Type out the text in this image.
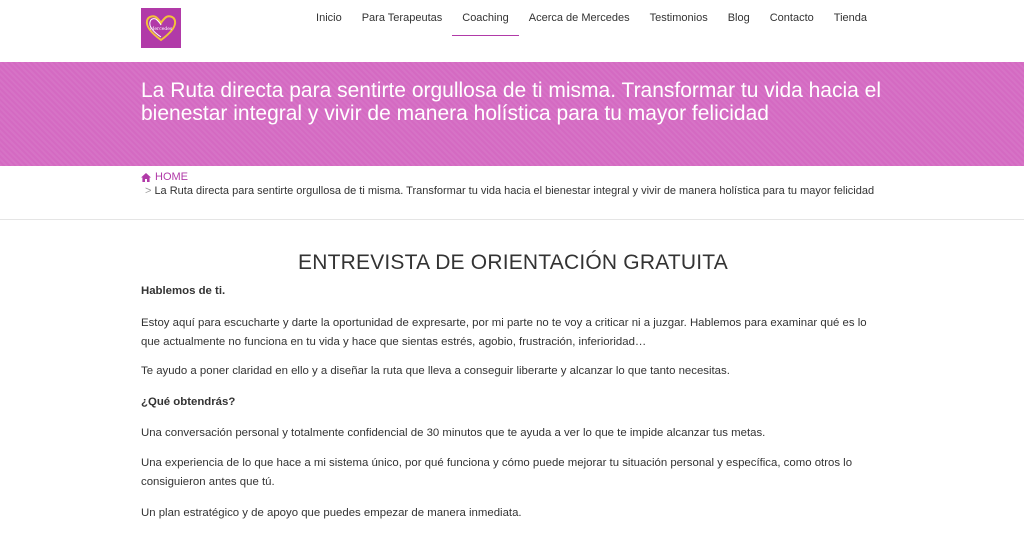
Mercedes
Inicio	Para Terapeutas	Coaching	Acerca de Mercedes	Testimonios	Blog	Contacto	Tienda
La Ruta directa para sentirte orgullosa de ti misma. Transformar tu vida hacia el bienestar integral y vivir de manera holística para tu mayor felicidad
HOME
> La Ruta directa para sentirte orgullosa de ti misma. Transformar tu vida hacia el bienestar integral y vivir de manera holística para tu mayor felicidad
ENTREVISTA DE ORIENTACIÓN GRATUITA

Hablemos de ti.

Estoy aquí para escucharte y darte la oportunidad de expresarte, por mi parte no te voy a criticar ni a juzgar. Hablemos para examinar qué es lo que actualmente no funciona en tu vida y hace que sientas estrés, agobio, frustración, inferioridad…

Te ayudo a poner claridad en ello y a diseñar la ruta que lleva a conseguir liberarte y alcanzar lo que tanto necesitas.

¿Qué obtendrás?

Una conversación personal y totalmente confidencial de 30 minutos que te ayuda a ver lo que te impide alcanzar tus metas.

Una experiencia de lo que hace a mi sistema único, por qué funciona y cómo puede mejorar tu situación personal y específica, como otros lo consiguieron antes que tú.

Un plan estratégico y de apoyo que puedes empezar de manera inmediata.
